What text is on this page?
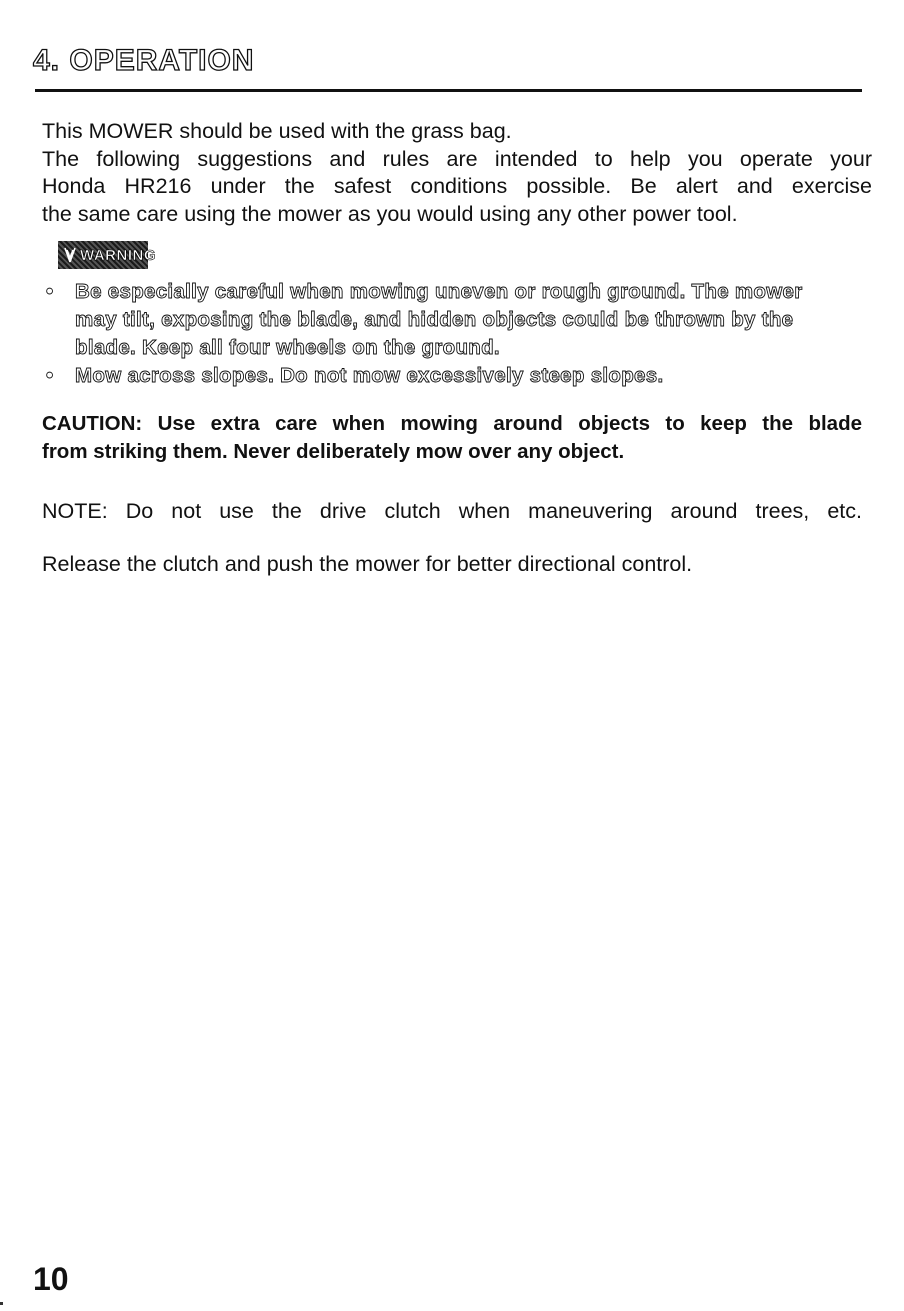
4. OPERATION

This MOWER should be used with the grass bag.

The following suggestions and rules are intended to help you operate your

Honda HR216 under the safest conditions possible. Be alert and exercise

the same care using the mower as you would using any other power tool.

WARNING
• Be especially careful when mowing uneven or rough ground. The mower
may tilt, exposing the blade, and hidden objects could be thrown by the
blade. Keep all four wheels on the ground.
• Mow across slopes. Do not mow excessively steep slopes.

CAUTION: Use extra care when mowing around objects to keep the blade

from striking them. Never deliberately mow over any object.

NOTE: Do not use the drive clutch when maneuvering around trees, etc.
Release the clutch and push the mower for better directional control.
10
